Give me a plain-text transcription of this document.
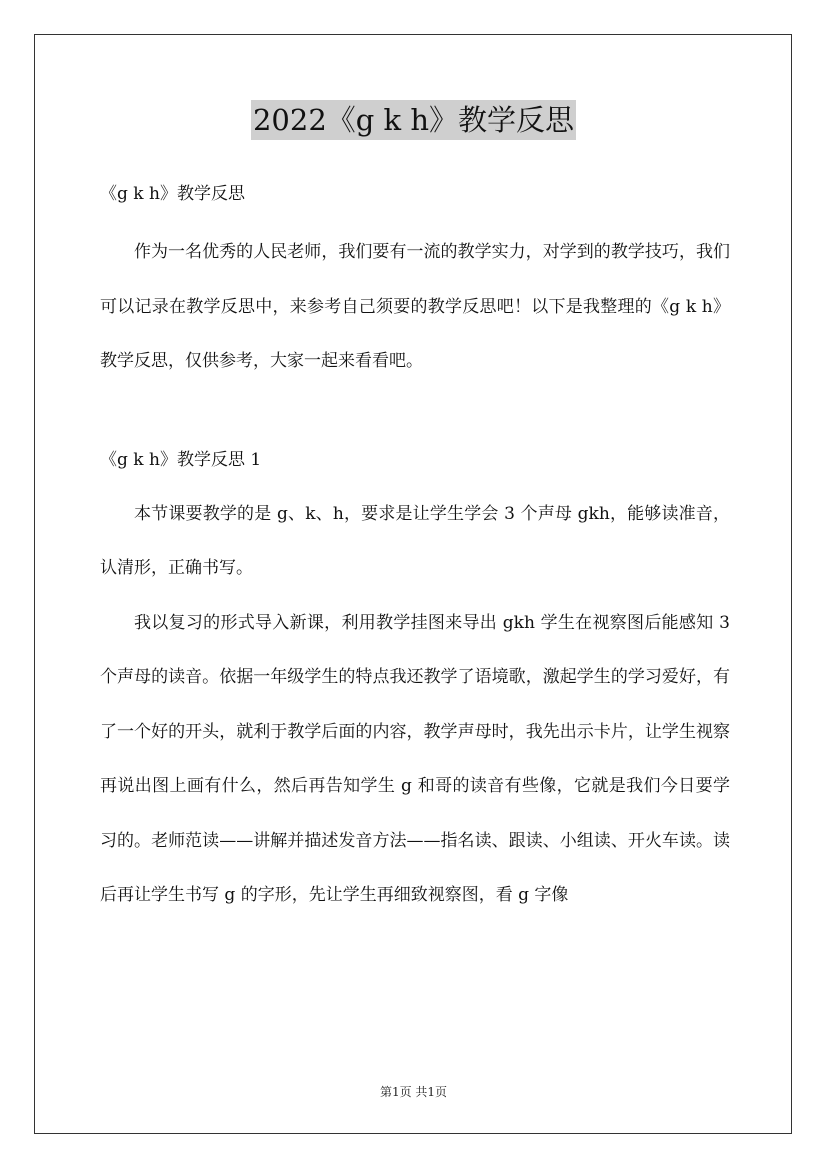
2022《g k h》教学反思

《g k h》教学反思

作为一名优秀的人民老师，我们要有一流的教学实力，对学到的教学技巧，我们可以记录在教学反思中，来参考自己须要的教学反思吧！以下是我整理的《g k h》教学反思，仅供参考，大家一起来看看吧。

《g k h》教学反思 1

本节课要教学的是 g、k、h，要求是让学生学会 3 个声母 gkh，能够读准音，认清形，正确书写。

我以复习的形式导入新课，利用教学挂图来导出 gkh 学生在视察图后能感知 3 个声母的读音。依据一年级学生的特点我还教学了语境歌，激起学生的学习爱好，有了一个好的开头，就利于教学后面的内容，教学声母时，我先出示卡片，让学生视察再说出图上画有什么，然后再告知学生 g 和哥的读音有些像，它就是我们今日要学习的。老师范读——讲解并描述发音方法——指名读、跟读、小组读、开火车读。读后再让学生书写 g 的字形，先让学生再细致视察图，看 g 字像

第1页 共1页
